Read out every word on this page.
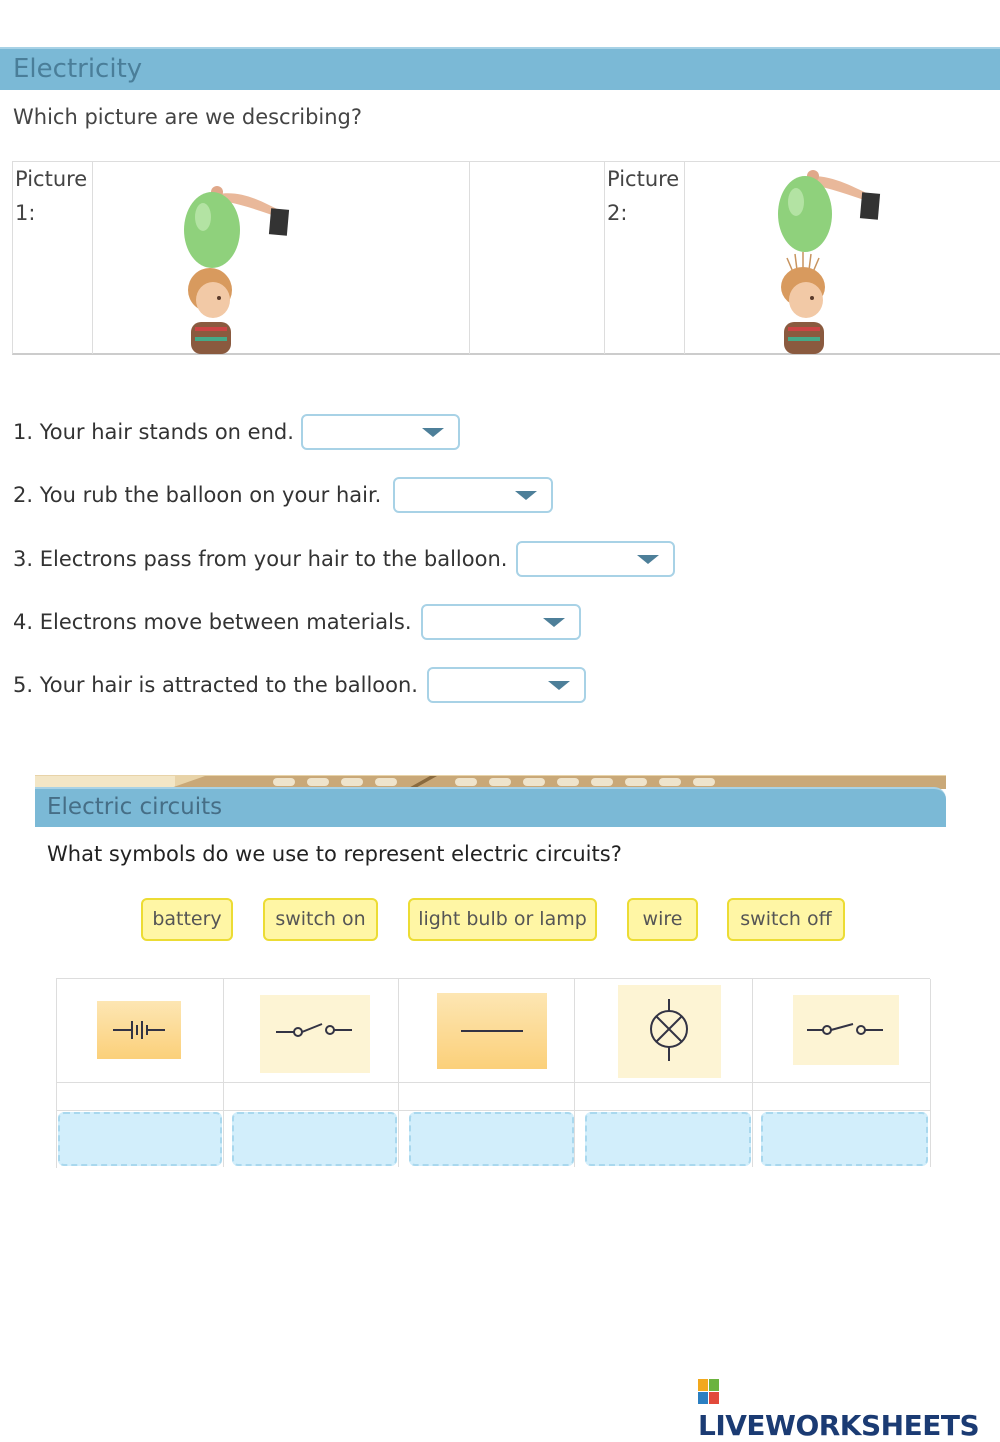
Electricity
Which picture are we describing?
Picture 1:
Picture 2:
1. Your hair stands on end.
2. You rub the balloon on your hair.
3. Electrons pass from your hair to the balloon.
4. Electrons move between materials.
5. Your hair is attracted to the balloon.
Electric circuits
What symbols do we use to represent electric circuits?
battery	switch on	light bulb or lamp	wire	switch off
LIVEWORKSHEETS
